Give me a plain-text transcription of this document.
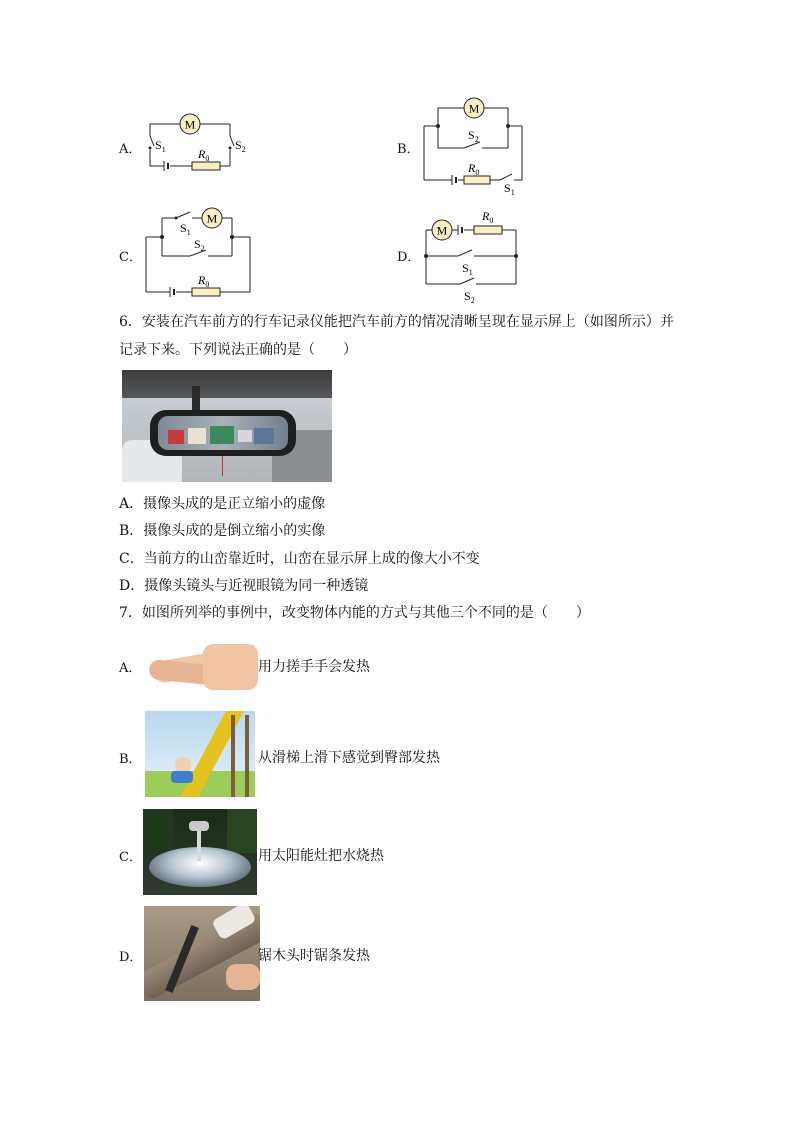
A．
M
$R_0$
$S_1$	$S_2$	B．
M
$R_0$
$S_2$
$S_1$
C．
M
$R_0$
$S_1$
$S_2$
D．
M
$R_0$
$S_1$
$S_2$
6．安装在汽车前方的行车记录仪能把汽车前方的情况清晰呈现在显示屏上（如图所示）并
记录下来。下列说法正确的是（　　）
A．摄像头成的是正立缩小的虚像
B．摄像头成的是倒立缩小的实像
C．当前方的山峦靠近时，山峦在显示屏上成的像大小不变
D．摄像头镜头与近视眼镜为同一种透镜
7．如图所列举的事例中，改变物体内能的方式与其他三个不同的是（　　）
A．	用力搓手手会发热
B．	从滑梯上滑下感觉到臀部发热
C．	用太阳能灶把水烧热
D．	锯木头时锯条发热
